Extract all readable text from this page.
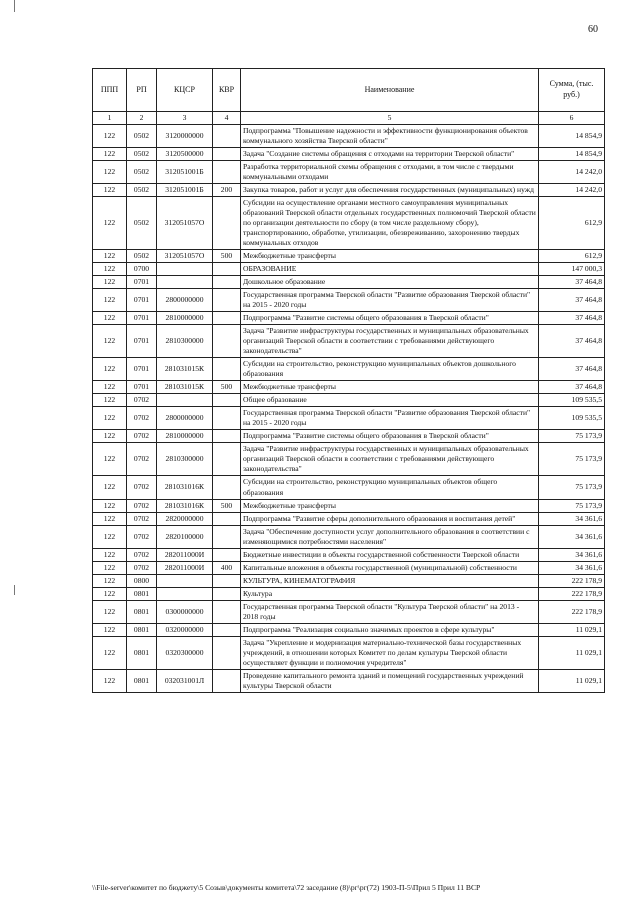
60
ППП	РП	КЦСР	КВР	Наименование	Сумма, (тыс. руб.)
1	2	3	4	5	6
122	0502	3120000000		Подпрограмма "Повышение надежности и эффективности функционирования объектов коммунального хозяйства Тверской области"	14 854,9
122	0502	3120500000		Задача "Создание системы обращения с отходами на территории Тверской области"	14 854,9
122	0502	312051001Б		Разработка территориальной схемы обращения с отходами, в том числе с твердыми коммунальными отходами	14 242,0
122	0502	312051001Б	200	Закупка товаров, работ и услуг для обеспечения государственных (муниципальных) нужд	14 242,0
122	0502	312051057О		Субсидии на осуществление органами местного самоуправления муниципальных образований Тверской области отдельных государственных полномочий Тверской области по организации деятельности по сбору (в том числе раздельному сбору), транспортированию, обработке, утилизации, обезвреживанию, захоронению твердых коммунальных отходов	612,9
122	0502	312051057О	500	Межбюджетные трансферты	612,9
122	0700			ОБРАЗОВАНИЕ	147 000,3
122	0701			Дошкольное образование	37 464,8
122	0701	2800000000		Государственная программа Тверской области "Развитие образования Тверской области" на 2015 - 2020 годы	37 464,8
122	0701	2810000000		Подпрограмма "Развитие системы общего образования в Тверской области"	37 464,8
122	0701	2810300000		Задача "Развитие инфраструктуры государственных и муниципальных образовательных организаций Тверской области в соответствии с требованиями действующего законодательства"	37 464,8
122	0701	281031015К		Субсидии на строительство, реконструкцию муниципальных объектов дошкольного образования	37 464,8
122	0701	281031015К	500	Межбюджетные трансферты	37 464,8
122	0702			Общее образование	109 535,5
122	0702	2800000000		Государственная программа Тверской области "Развитие образования Тверской области" на 2015 - 2020 годы	109 535,5
122	0702	2810000000		Подпрограмма "Развитие системы общего образования в Тверской области"	75 173,9
122	0702	2810300000		Задача "Развитие инфраструктуры государственных и муниципальных образовательных организаций Тверской области в соответствии с требованиями действующего законодательства"	75 173,9
122	0702	281031016К		Субсидии на строительство, реконструкцию муниципальных объектов общего образования	75 173,9
122	0702	281031016К	500	Межбюджетные трансферты	75 173,9
122	0702	2820000000		Подпрограмма "Развитие сферы дополнительного образования и воспитания детей"	34 361,6
122	0702	2820100000		Задача "Обеспечение доступности услуг дополнительного образования в соответствии с изменяющимися потребностями населения"	34 361,6
122	0702	282011000И		Бюджетные инвестиции в объекты государственной собственности Тверской области	34 361,6
122	0702	282011000И	400	Капитальные вложения в объекты государственной (муниципальной) собственности	34 361,6
122	0800			КУЛЬТУРА, КИНЕМАТОГРАФИЯ	222 178,9
122	0801			Культура	222 178,9
122	0801	0300000000		Государственная программа Тверской области "Культура Тверской области" на 2013 - 2018 годы	222 178,9
122	0801	0320000000		Подпрограмма "Реализация социально значимых проектов в сфере культуры"	11 029,1
122	0801	0320300000		Задача "Укрепление и модернизация материально-технической базы государственных учреждений, в отношении которых Комитет по делам культуры Тверской области осуществляет функции и полномочия учредителя"	11 029,1
122	0801	032031001Л		Проведение капитального ремонта зданий и помещений государственных учреждений культуры Тверской области	11 029,1
\\File-server\комитет по бюджету\5 Созыв\документы комитета\72 заседание (8)\рг\рг(72) 1903-П-5\Прил 5 Прил 11 ВСР
